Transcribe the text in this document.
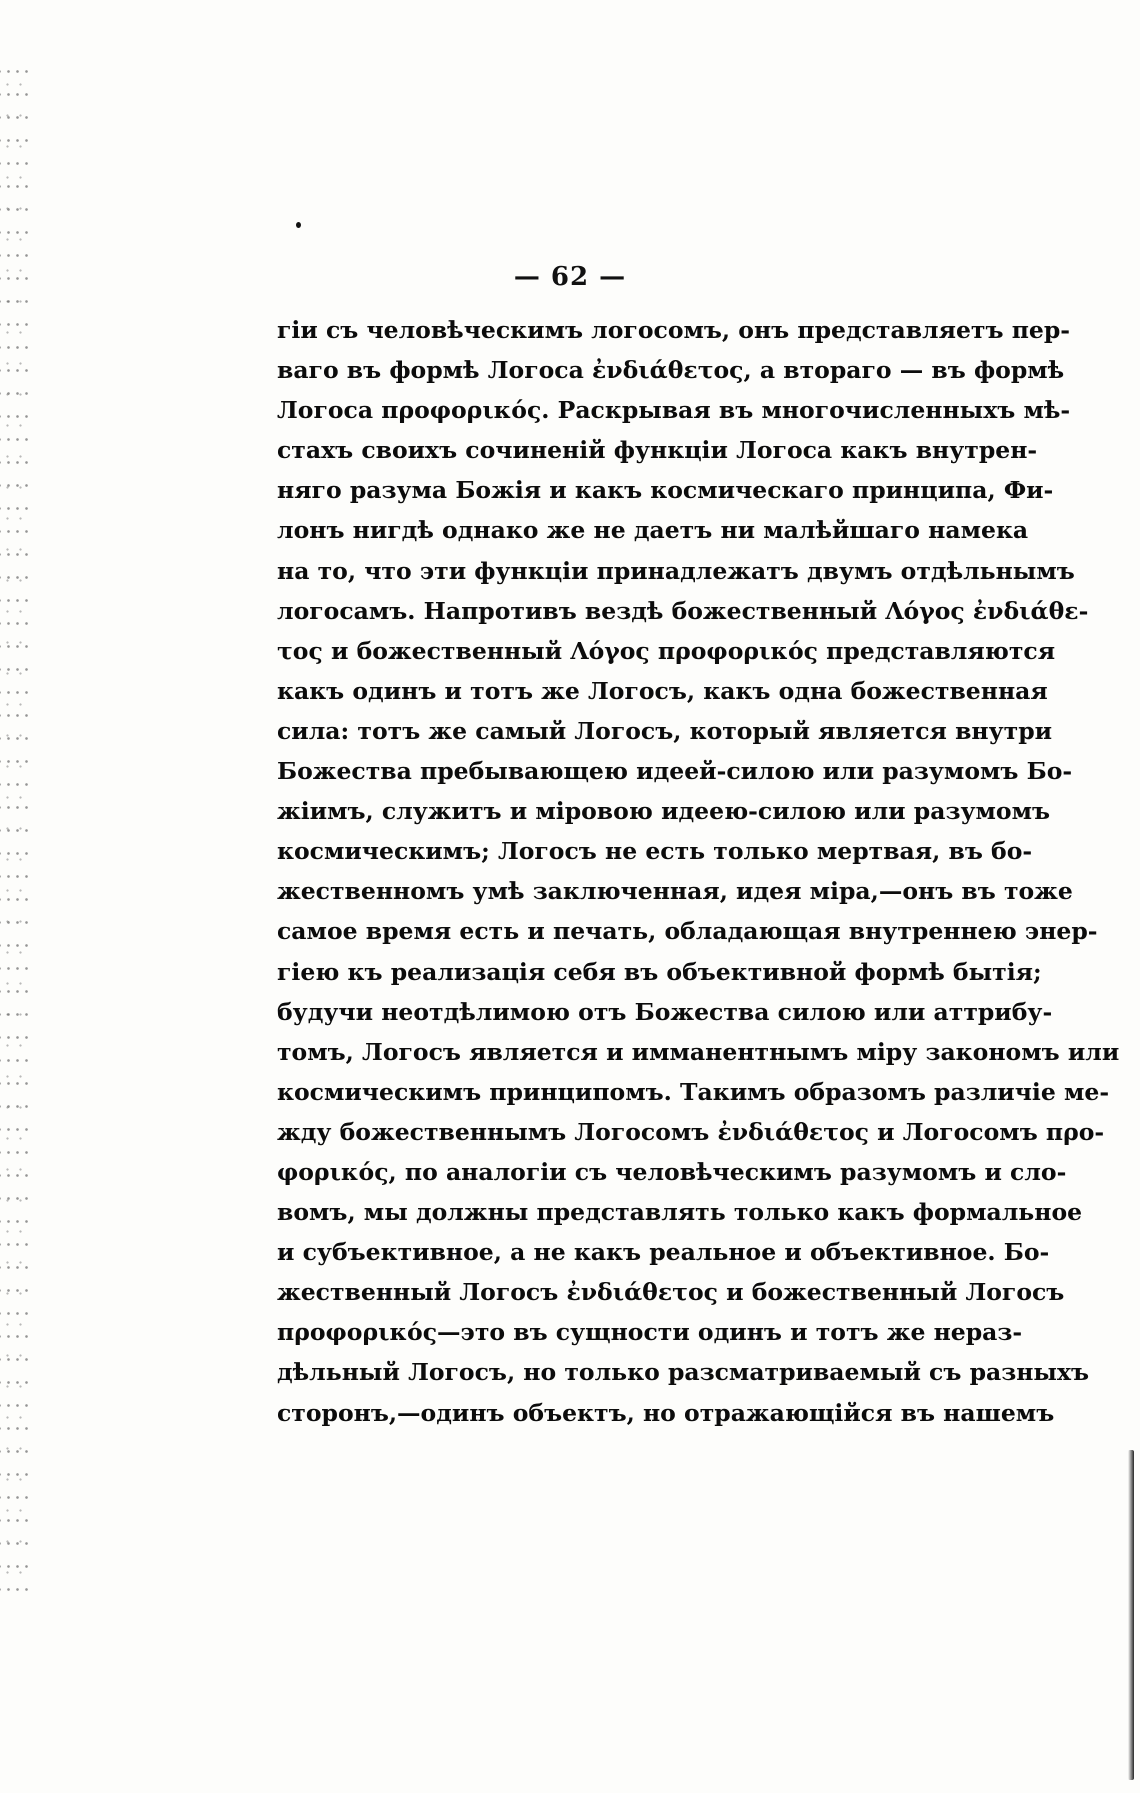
— 62 —
гіи съ человѣческимъ логосомъ, онъ представляетъ пер-
ваго въ формѣ Логоса ἐνδιάθετος, а втораго — въ формѣ
Логоса προφορικός. Раскрывая въ многочисленныхъ мѣ-
стахъ своихъ сочиненій функціи Логоса какъ внутрен-
няго разума Божія и какъ космическаго принципа, Фи-
лонъ нигдѣ однако же не даетъ ни малѣйшаго намека
на то, что эти функціи принадлежатъ двумъ отдѣльнымъ
логосамъ. Напротивъ вездѣ божественный Λόγος ἐνδιάθε-
τος и божественный Λόγος προφορικός представляются
какъ одинъ и тотъ же Логосъ, какъ одна божественная
сила: тотъ же самый Логосъ, который является внутри
Божества пребывающею идеей-силою или разумомъ Бо-
жіимъ, служитъ и міровою идеею-силою или разумомъ
космическимъ; Логосъ не есть только мертвая, въ бо-
жественномъ умѣ заключенная, идея міра,—онъ въ тоже
самое время есть и печать, обладающая внутреннею энер-
гіею къ реализація себя въ объективной формѣ бытія;
будучи неотдѣлимою отъ Божества силою или аттрибу-
томъ, Логосъ является и имманентнымъ міру закономъ или
космическимъ принципомъ. Такимъ образомъ различіе ме-
жду божественнымъ Логосомъ ἐνδιάθετος и Логосомъ προ-
φορικός, по аналогіи съ человѣческимъ разумомъ и сло-
вомъ, мы должны представлять только какъ формальное
и субъективное, а не какъ реальное и объективное. Бо-
жественный Логосъ ἐνδιάθετος и божественный Логосъ
προφορικός—это въ сущности одинъ и тотъ же нераз-
дѣльный Логосъ, но только разсматриваемый съ разныхъ
сторонъ,—одинъ объектъ, но отражающійся въ нашемъ
